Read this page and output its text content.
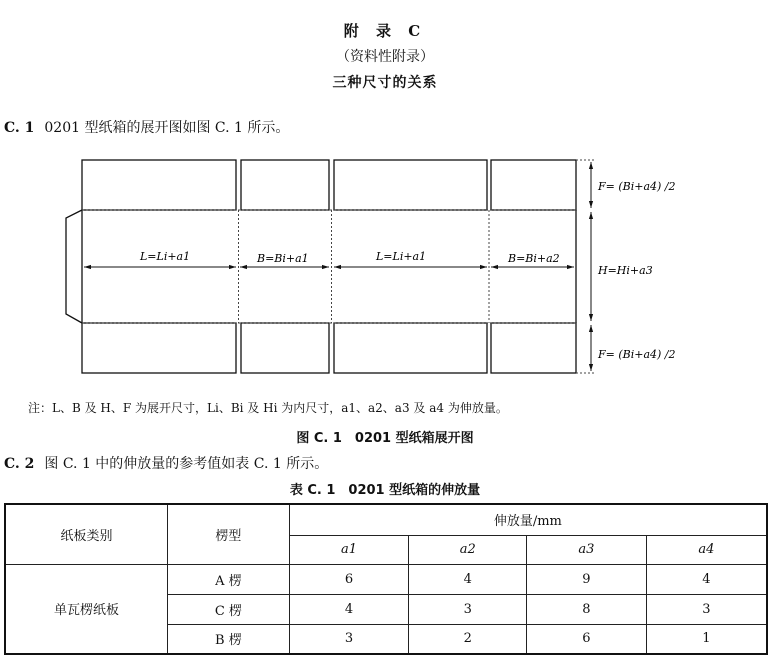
附 录 C
（资料性附录）
三种尺寸的关系
C. 1 0201 型纸箱的展开图如图 C. 1 所示。
L=Li+a1	B=Bi+a1	L=Li+a1	B=Bi+a2
F= (Bi+a4) /2
H=Hi+a3
F= (Bi+a4) /2
注：L、B 及 H、F 为展开尺寸，Li、Bi 及 Hi 为内尺寸，a1、a2、a3 及 a4 为伸放量。
图 C. 1　0201 型纸箱展开图
C. 2 图 C. 1 中的伸放量的参考值如表 C. 1 所示。
表 C. 1　0201 型纸箱的伸放量
纸板类别	楞型	伸放量/mm			
		a1	a2	a3	a4
单瓦楞纸板	A 楞	6	4	9	4
	C 楞	4	3	8	3
	B 楞	3	2	6	1
